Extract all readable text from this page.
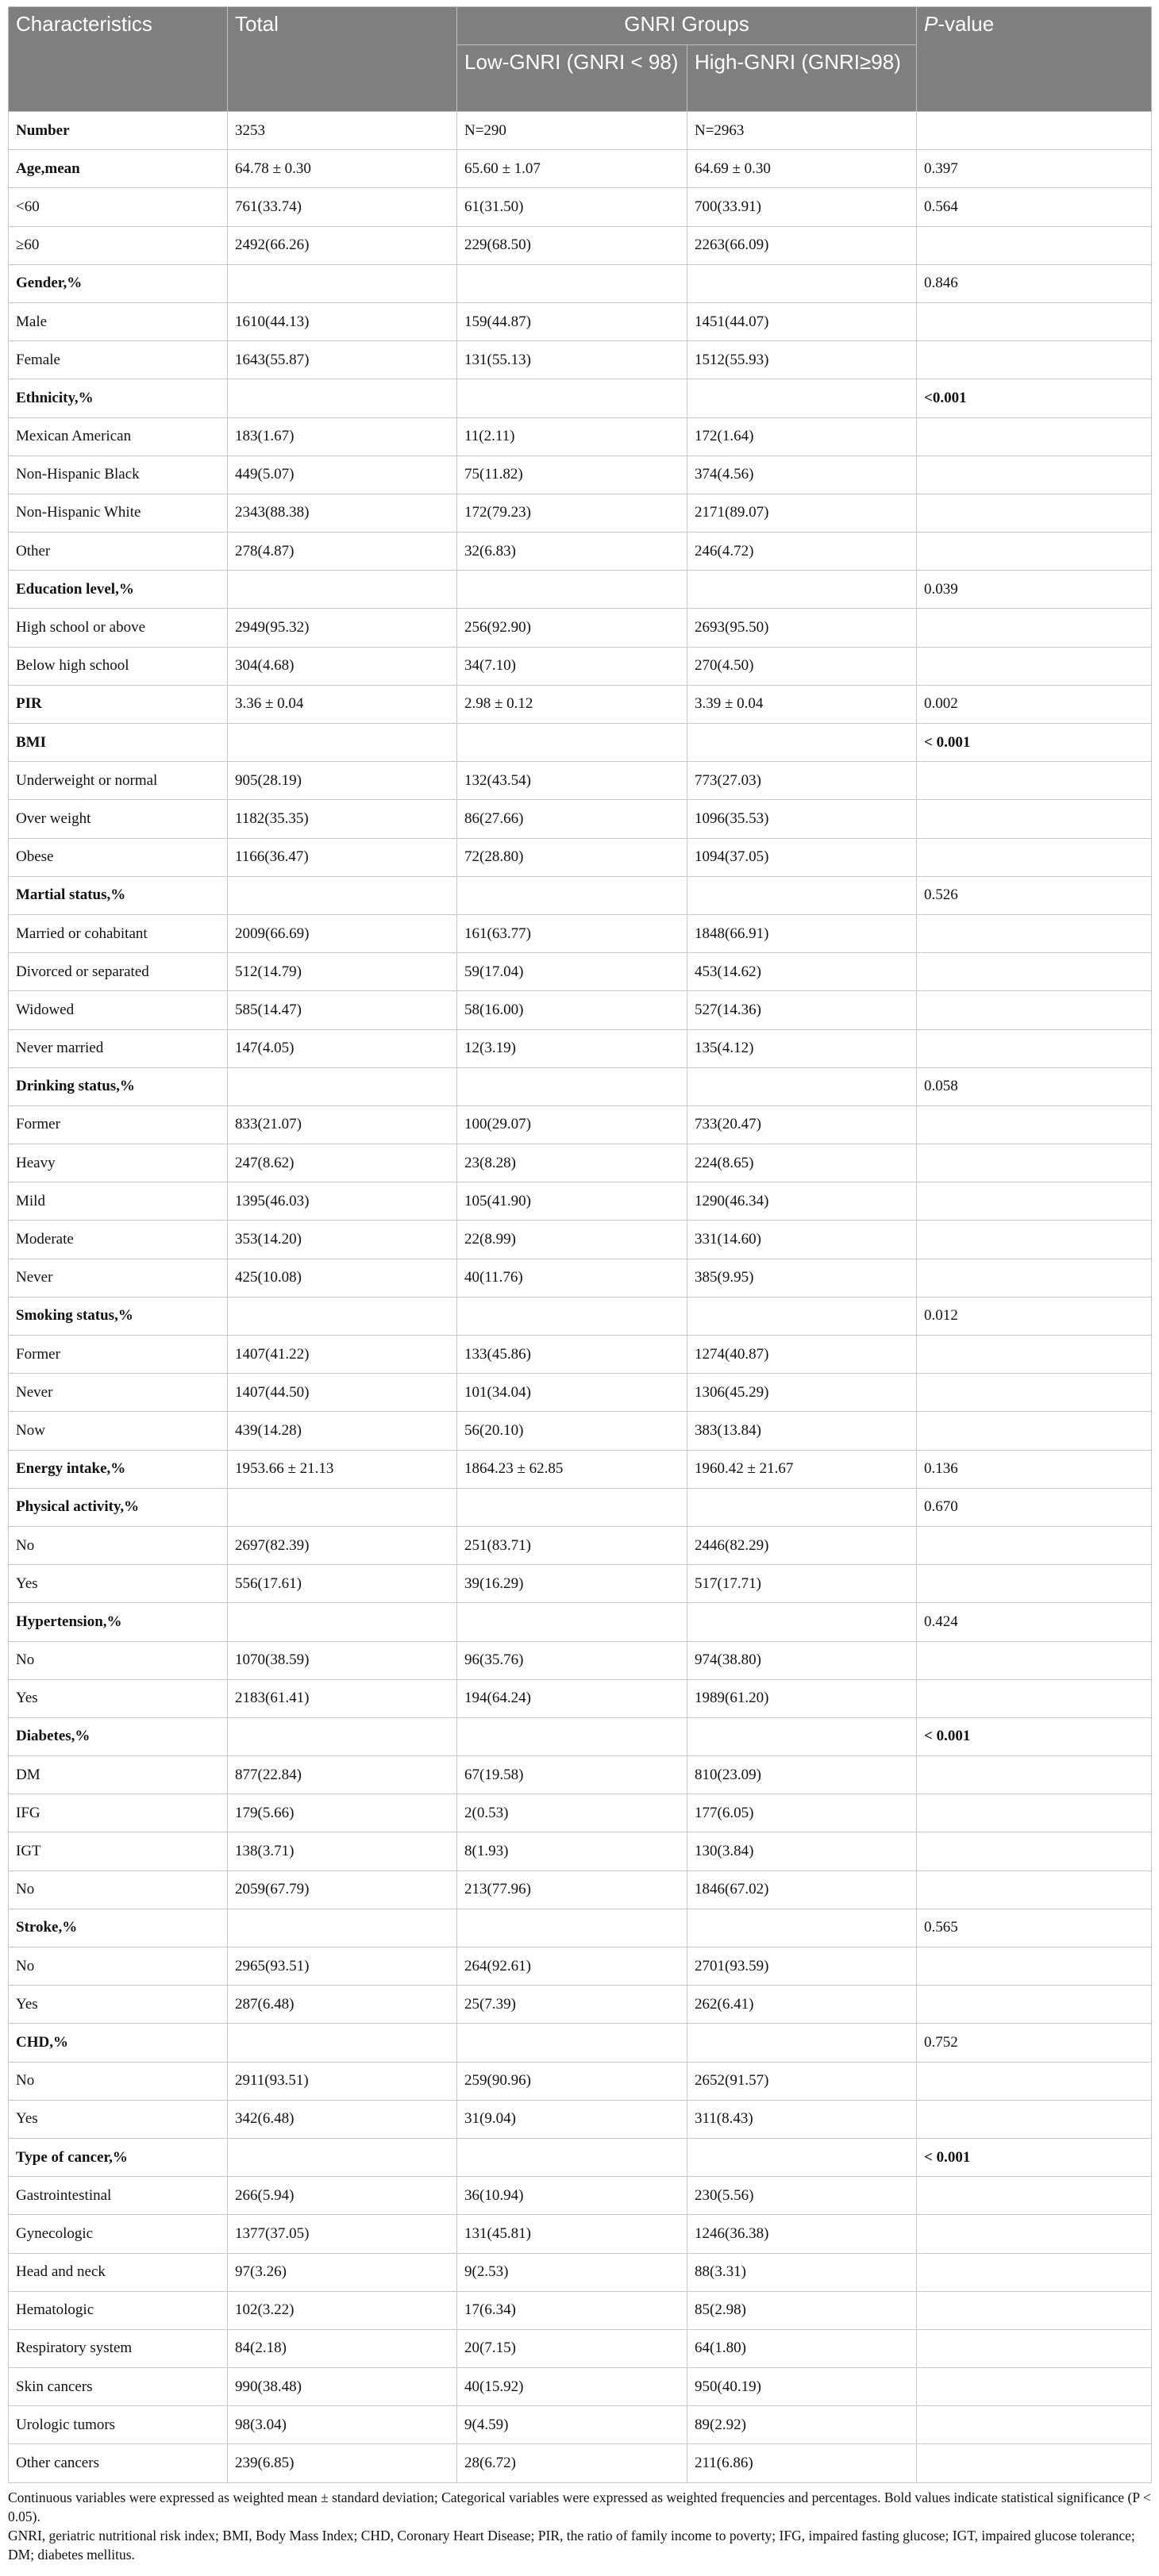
Characteristics	Total	GNRI Groups		P-value
		Low-GNRI (GNRI < 98)	High-GNRI (GNRI≥98)	
Number	3253	N=290	N=2963	
Age,mean	64.78 ± 0.30	65.60 ± 1.07	64.69 ± 0.30	0.397
<60	761(33.74)	61(31.50)	700(33.91)	0.564
≥60	2492(66.26)	229(68.50)	2263(66.09)	
Gender,%				0.846
Male	1610(44.13)	159(44.87)	1451(44.07)	
Female	1643(55.87)	131(55.13)	1512(55.93)	
Ethnicity,%				<0.001
Mexican American	183(1.67)	11(2.11)	172(1.64)	
Non-Hispanic Black	449(5.07)	75(11.82)	374(4.56)	
Non-Hispanic White	2343(88.38)	172(79.23)	2171(89.07)	
Other	278(4.87)	32(6.83)	246(4.72)	
Education level,%				0.039
High school or above	2949(95.32)	256(92.90)	2693(95.50)	
Below high school	304(4.68)	34(7.10)	270(4.50)	
PIR	3.36 ± 0.04	2.98 ± 0.12	3.39 ± 0.04	0.002
BMI				< 0.001
Underweight or normal	905(28.19)	132(43.54)	773(27.03)	
Over weight	1182(35.35)	86(27.66)	1096(35.53)	
Obese	1166(36.47)	72(28.80)	1094(37.05)	
Martial status,%				0.526
Married or cohabitant	2009(66.69)	161(63.77)	1848(66.91)	
Divorced or separated	512(14.79)	59(17.04)	453(14.62)	
Widowed	585(14.47)	58(16.00)	527(14.36)	
Never married	147(4.05)	12(3.19)	135(4.12)	
Drinking status,%				0.058
Former	833(21.07)	100(29.07)	733(20.47)	
Heavy	247(8.62)	23(8.28)	224(8.65)	
Mild	1395(46.03)	105(41.90)	1290(46.34)	
Moderate	353(14.20)	22(8.99)	331(14.60)	
Never	425(10.08)	40(11.76)	385(9.95)	
Smoking status,%				0.012
Former	1407(41.22)	133(45.86)	1274(40.87)	
Never	1407(44.50)	101(34.04)	1306(45.29)	
Now	439(14.28)	56(20.10)	383(13.84)	
Energy intake,%	1953.66 ± 21.13	1864.23 ± 62.85	1960.42 ± 21.67	0.136
Physical activity,%				0.670
No	2697(82.39)	251(83.71)	2446(82.29)	
Yes	556(17.61)	39(16.29)	517(17.71)	
Hypertension,%				0.424
No	1070(38.59)	96(35.76)	974(38.80)	
Yes	2183(61.41)	194(64.24)	1989(61.20)	
Diabetes,%				< 0.001
DM	877(22.84)	67(19.58)	810(23.09)	
IFG	179(5.66)	2(0.53)	177(6.05)	
IGT	138(3.71)	8(1.93)	130(3.84)	
No	2059(67.79)	213(77.96)	1846(67.02)	
Stroke,%				0.565
No	2965(93.51)	264(92.61)	2701(93.59)	
Yes	287(6.48)	25(7.39)	262(6.41)	
CHD,%				0.752
No	2911(93.51)	259(90.96)	2652(91.57)	
Yes	342(6.48)	31(9.04)	311(8.43)	
Type of cancer,%				< 0.001
Gastrointestinal	266(5.94)	36(10.94)	230(5.56)	
Gynecologic	1377(37.05)	131(45.81)	1246(36.38)	
Head and neck	97(3.26)	9(2.53)	88(3.31)	
Hematologic	102(3.22)	17(6.34)	85(2.98)	
Respiratory system	84(2.18)	20(7.15)	64(1.80)	
Skin cancers	990(38.48)	40(15.92)	950(40.19)	
Urologic tumors	98(3.04)	9(4.59)	89(2.92)	
Other cancers	239(6.85)	28(6.72)	211(6.86)	
Continuous variables were expressed as weighted mean ± standard deviation; Categorical variables were expressed as weighted frequencies and percentages. Bold values indicate statistical significance (P < 0.05).
GNRI, geriatric nutritional risk index; BMI, Body Mass Index; CHD, Coronary Heart Disease; PIR, the ratio of family income to poverty; IFG, impaired fasting glucose; IGT, impaired glucose tolerance; DM; diabetes mellitus.
